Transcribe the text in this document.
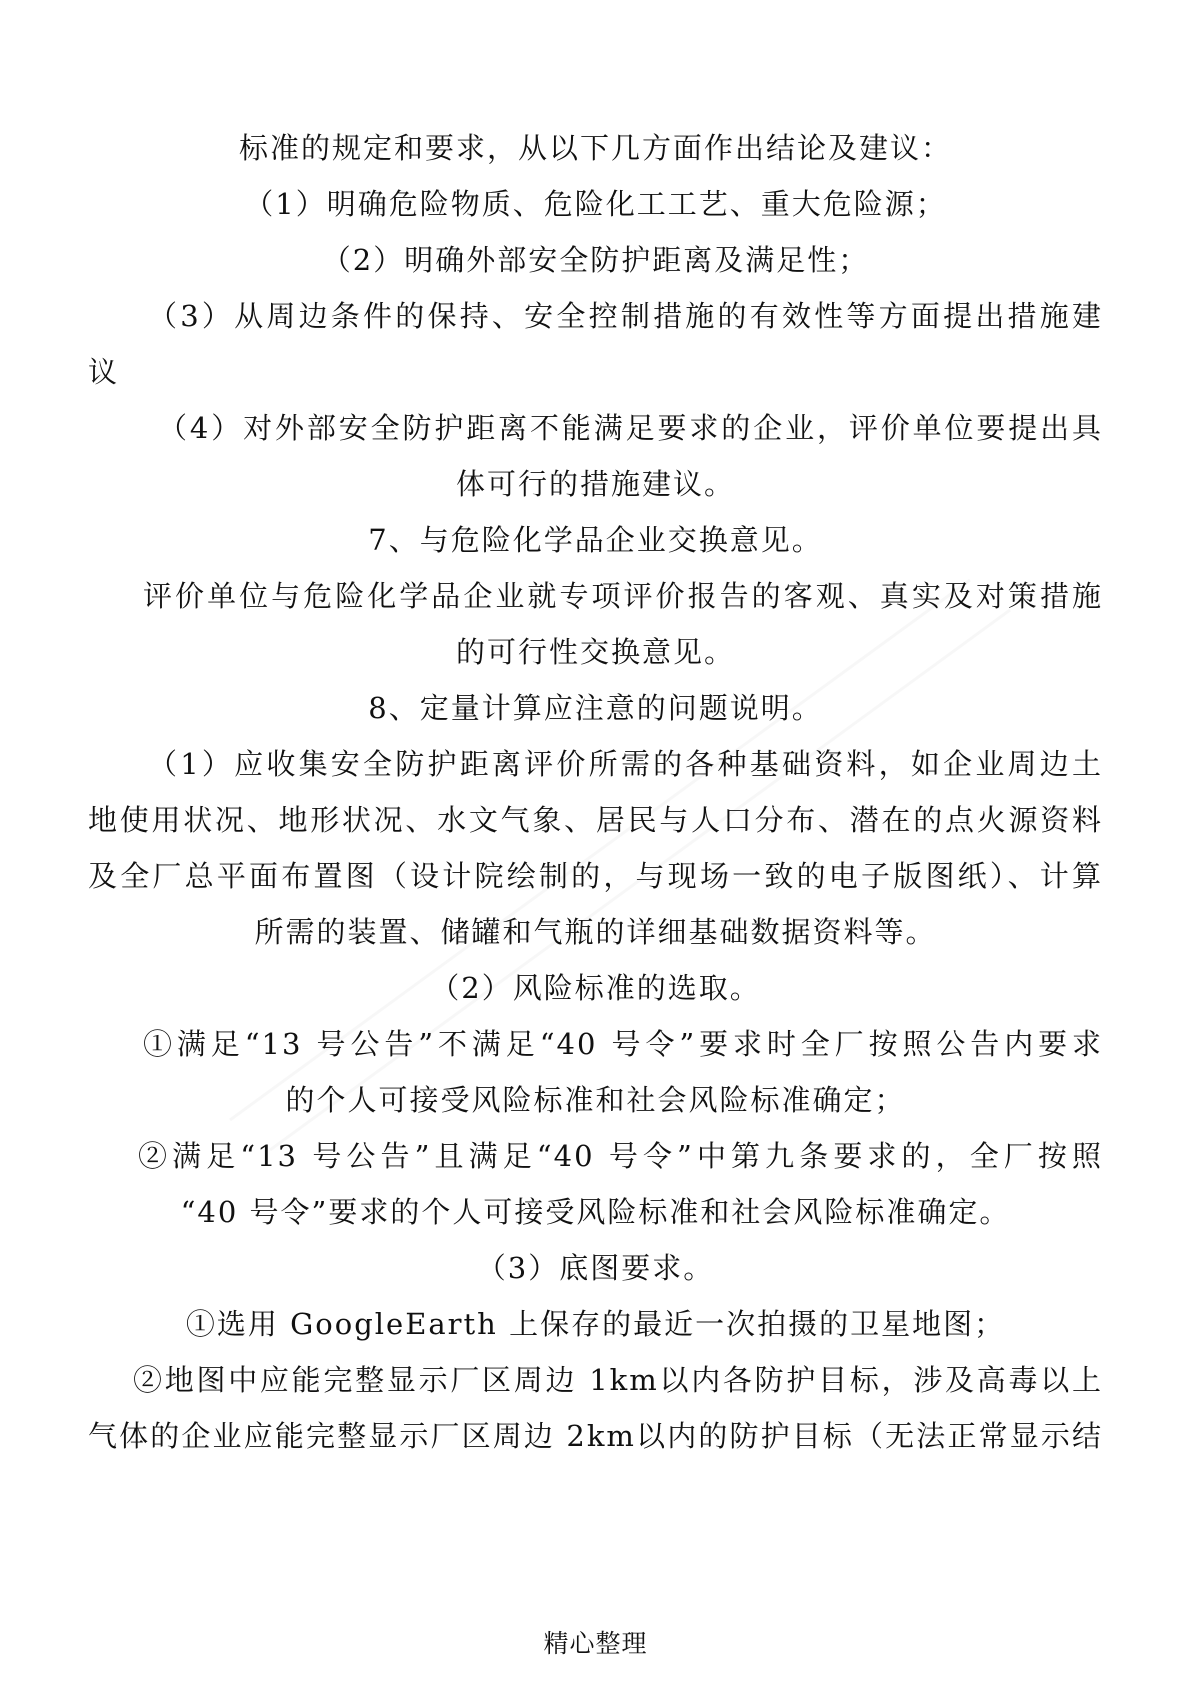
标准的规定和要求，从以下几方面作出结论及建议：
（1）明确危险物质、危险化工工艺、重大危险源；
（2）明确外部安全防护距离及满足性；
（3）从周边条件的保持、安全控制措施的有效性等方面提出措施建
议
（4）对外部安全防护距离不能满足要求的企业，评价单位要提出具
体可行的措施建议。
7、与危险化学品企业交换意见。
评价单位与危险化学品企业就专项评价报告的客观、真实及对策措施
的可行性交换意见。
8、定量计算应注意的问题说明。
（1）应收集安全防护距离评价所需的各种基础资料，如企业周边土
地使用状况、地形状况、水文气象、居民与人口分布、潜在的点火源资料
及全厂总平面布置图（设计院绘制的，与现场一致的电子版图纸）、计算
所需的装置、储罐和气瓶的详细基础数据资料等。
（2）风险标准的选取。
①满足“13 号公告”不满足“40 号令”要求时全厂按照公告内要求
的个人可接受风险标准和社会风险标准确定；
②满足“13 号公告”且满足“40 号令”中第九条要求的，全厂按照
“40 号令”要求的个人可接受风险标准和社会风险标准确定。
（3）底图要求。
①选用 GoogleEarth 上保存的最近一次拍摄的卫星地图；
②地图中应能完整显示厂区周边 1km以内各防护目标，涉及高毒以上
气体的企业应能完整显示厂区周边 2km以内的防护目标（无法正常显示结
精心整理
